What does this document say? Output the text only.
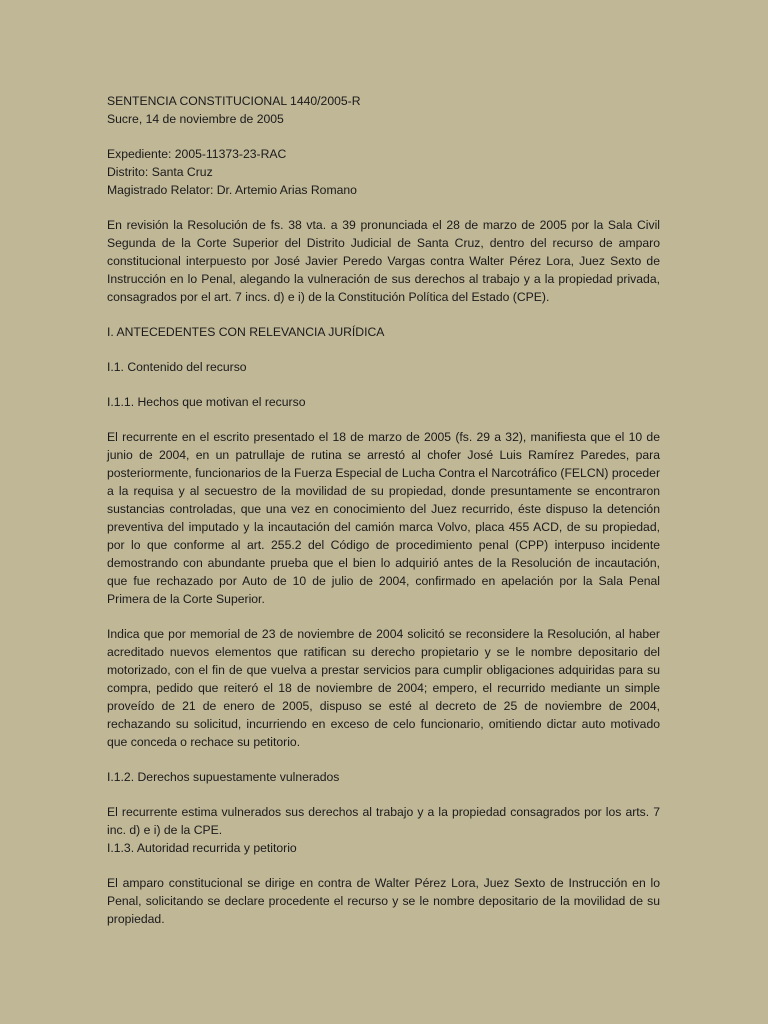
SENTENCIA CONSTITUCIONAL 1440/2005-R

Sucre, 14 de noviembre de 2005

Expediente: 2005-11373-23-RAC

Distrito: Santa Cruz

Magistrado Relator: Dr. Artemio Arias Romano

En revisión la Resolución de fs. 38 vta. a 39 pronunciada el 28 de marzo de 2005 por la Sala Civil Segunda de la Corte Superior del Distrito Judicial de Santa Cruz, dentro del recurso de amparo constitucional interpuesto por José Javier Peredo Vargas contra Walter Pérez Lora, Juez Sexto de Instrucción en lo Penal, alegando la vulneración de sus derechos al trabajo y a la propiedad privada, consagrados por el art. 7 incs. d) e i) de la Constitución Política del Estado (CPE).

I. ANTECEDENTES CON RELEVANCIA JURÍDICA

I.1. Contenido del recurso

I.1.1. Hechos que motivan el recurso

El recurrente en el escrito presentado el 18 de marzo de 2005 (fs. 29 a 32), manifiesta que el 10 de junio de 2004, en un patrullaje de rutina se arrestó al chofer José Luis Ramírez Paredes, para posteriormente, funcionarios de la Fuerza Especial de Lucha Contra el Narcotráfico (FELCN) proceder a la requisa y al secuestro de la movilidad de su propiedad, donde presuntamente se encontraron sustancias controladas, que una vez en conocimiento del Juez recurrido, éste dispuso la detención preventiva del imputado y la incautación del camión marca Volvo, placa 455 ACD, de su propiedad, por lo que conforme al art. 255.2 del Código de procedimiento penal (CPP) interpuso incidente demostrando con abundante prueba que el bien lo adquirió antes de la Resolución de incautación, que fue rechazado por Auto de 10 de julio de 2004, confirmado en apelación por la Sala Penal Primera de la Corte Superior.

Indica que por memorial de 23 de noviembre de 2004 solicitó se reconsidere la Resolución, al haber acreditado nuevos elementos que ratifican su derecho propietario y se le nombre depositario del motorizado, con el fin de que vuelva a prestar servicios para cumplir obligaciones adquiridas para su compra, pedido que reiteró el 18 de noviembre de 2004; empero, el recurrido mediante un simple proveído de 21 de enero de 2005, dispuso se esté al decreto de 25 de noviembre de 2004, rechazando su solicitud, incurriendo en exceso de celo funcionario, omitiendo dictar auto motivado que conceda o rechace su petitorio.

I.1.2. Derechos supuestamente vulnerados

El recurrente estima vulnerados sus derechos al trabajo y a la propiedad consagrados por los arts. 7 inc. d) e i) de la CPE.

I.1.3. Autoridad recurrida y petitorio

El amparo constitucional se dirige en contra de Walter Pérez Lora, Juez Sexto de Instrucción en lo Penal, solicitando se declare procedente el recurso y se le nombre depositario de la movilidad de su propiedad.
